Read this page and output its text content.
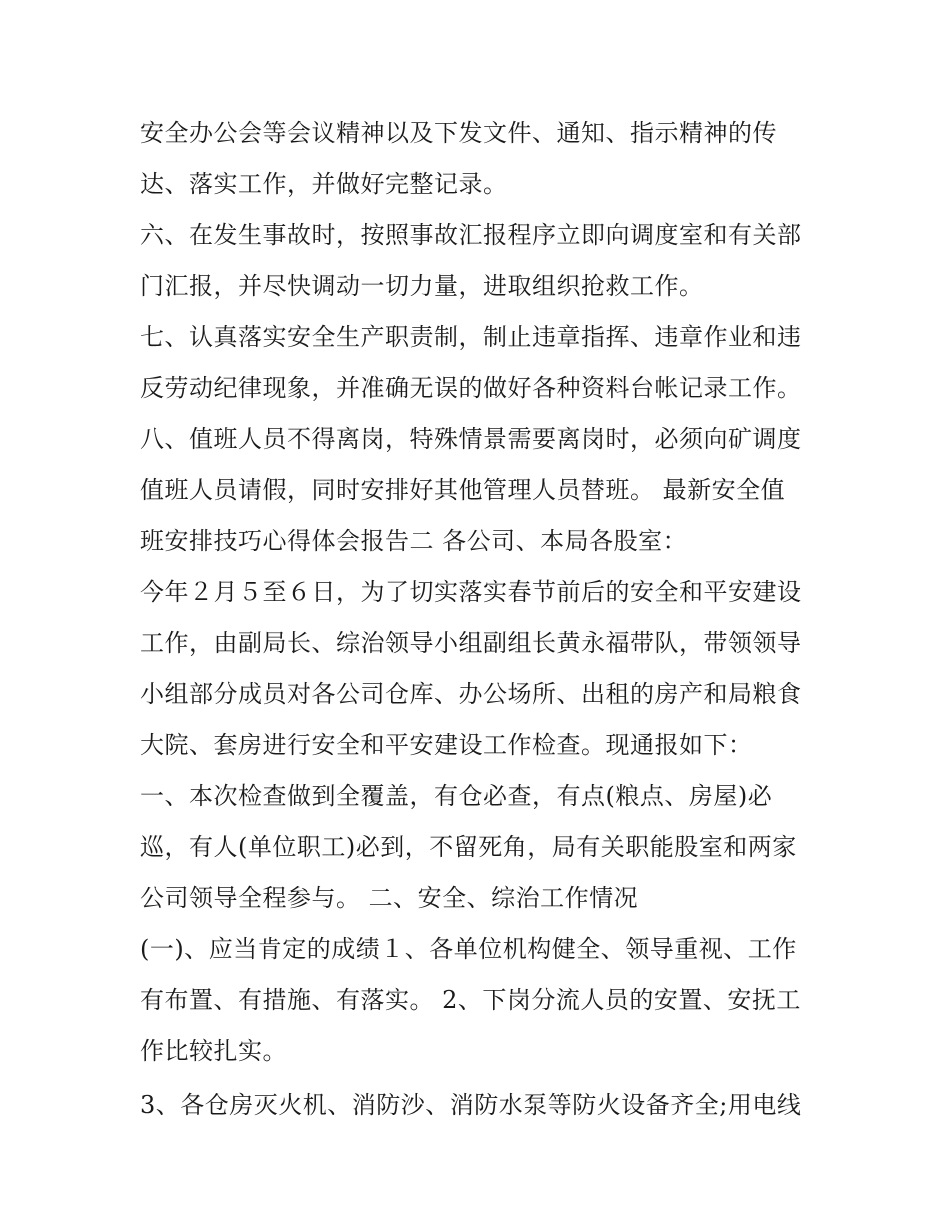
安全办公会等会议精神以及下发文件、通知、指示精神的传
达、落实工作，并做好完整记录。
六、在发生事故时，按照事故汇报程序立即向调度室和有关部
门汇报，并尽快调动一切力量，进取组织抢救工作。
七、认真落实安全生产职责制，制止违章指挥、违章作业和违
反劳动纪律现象，并准确无误的做好各种资料台帐记录工作。
八、值班人员不得离岗，特殊情景需要离岗时，必须向矿调度
值班人员请假，同时安排好其他管理人员替班。 最新安全值
班安排技巧心得体会报告二 各公司、本局各股室：
今年２月５至６日，为了切实落实春节前后的安全和平安建设
工作，由副局长、综治领导小组副组长黄永福带队，带领领导
小组部分成员对各公司仓库、办公场所、出租的房产和局粮食
大院、套房进行安全和平安建设工作检查。现通报如下：
一、本次检查做到全覆盖，有仓必查，有点(粮点、房屋)必
巡，有人(单位职工)必到，不留死角，局有关职能股室和两家
公司领导全程参与。 二、安全、综治工作情况
(一)、应当肯定的成绩１、各单位机构健全、领导重视、工作
有布置、有措施、有落实。 2、下岗分流人员的安置、安抚工
作比较扎实。
3、各仓房灭火机、消防沙、消防水泵等防火设备齐全;用电线
